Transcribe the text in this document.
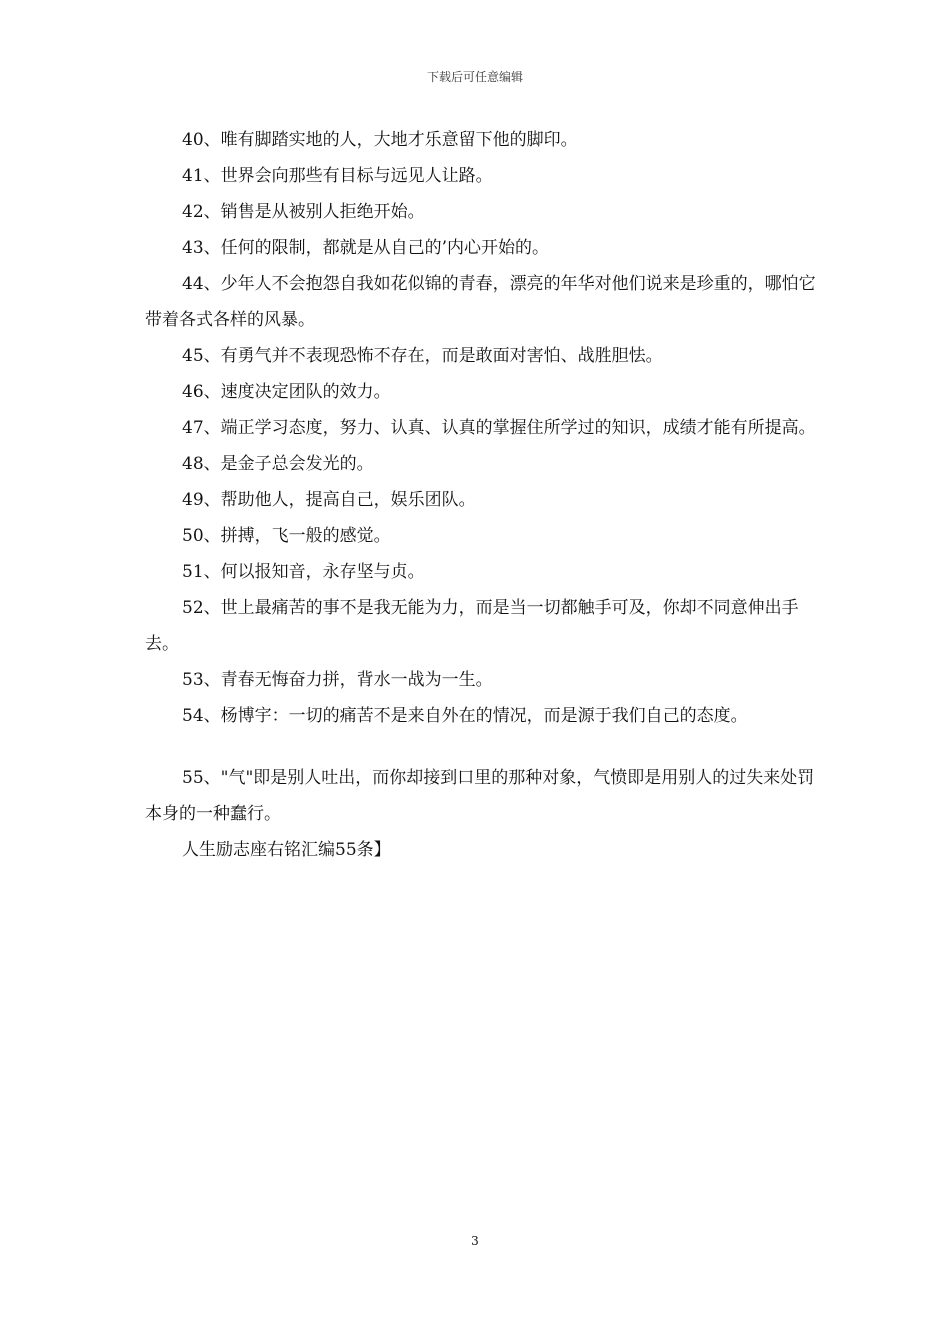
下载后可任意编辑

40、唯有脚踏实地的人，大地才乐意留下他的脚印。

41、世界会向那些有目标与远见人让路。

42、销售是从被别人拒绝开始。

43、任何的限制，都就是从自己的’内心开始的。

44、少年人不会抱怨自我如花似锦的青春，漂亮的年华对他们说来是珍重的，哪怕它带着各式各样的风暴。

45、有勇气并不表现恐怖不存在，而是敢面对害怕、战胜胆怯。

46、速度决定团队的效力。

47、端正学习态度，努力、认真、认真的掌握住所学过的知识，成绩才能有所提高。

48、是金子总会发光的。

49、帮助他人，提高自己，娱乐团队。

50、拼搏，飞一般的感觉。

51、何以报知音，永存坚与贞。

52、世上最痛苦的事不是我无能为力，而是当一切都触手可及，你却不同意伸出手去。

53、青春无悔奋力拼，背水一战为一生。

54、杨博宇：一切的痛苦不是来自外在的情况，而是源于我们自己的态度。

55、"气"即是别人吐出，而你却接到口里的那种对象，气愤即是用别人的过失来处罚本身的一种蠢行。

人生励志座右铭汇编55条】

3
